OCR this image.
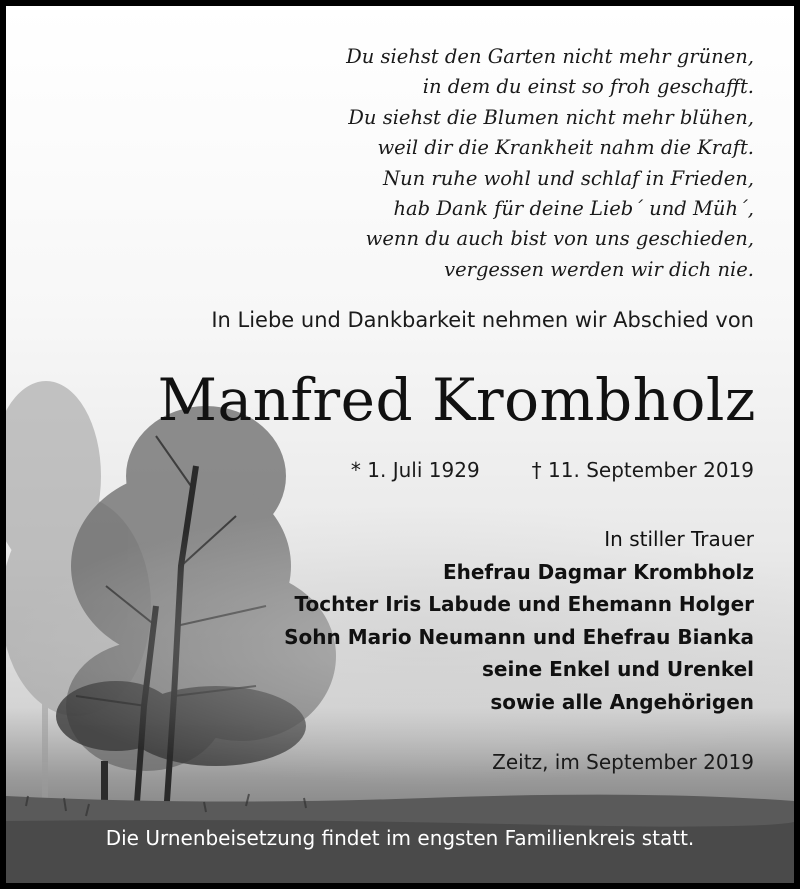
Du siehst den Garten nicht mehr grünen,
in dem du einst so froh geschafft.
Du siehst die Blumen nicht mehr blühen,
weil dir die Krankheit nahm die Kraft.
Nun ruhe wohl und schlaf in Frieden,
hab Dank für deine Lieb´ und Müh´,
wenn du auch bist von uns geschieden,
vergessen werden wir dich nie.
In Liebe und Dankbarkeit nehmen wir Abschied von
Manfred Krombholz
* 1. Juli 1929	† 11. September 2019
In stiller Trauer
Ehefrau Dagmar Krombholz
Tochter Iris Labude und Ehemann Holger
Sohn Mario Neumann und Ehefrau Bianka
seine Enkel und Urenkel
sowie alle Angehörigen
Zeitz, im September 2019
Die Urnenbeisetzung findet im engsten Familienkreis statt.
